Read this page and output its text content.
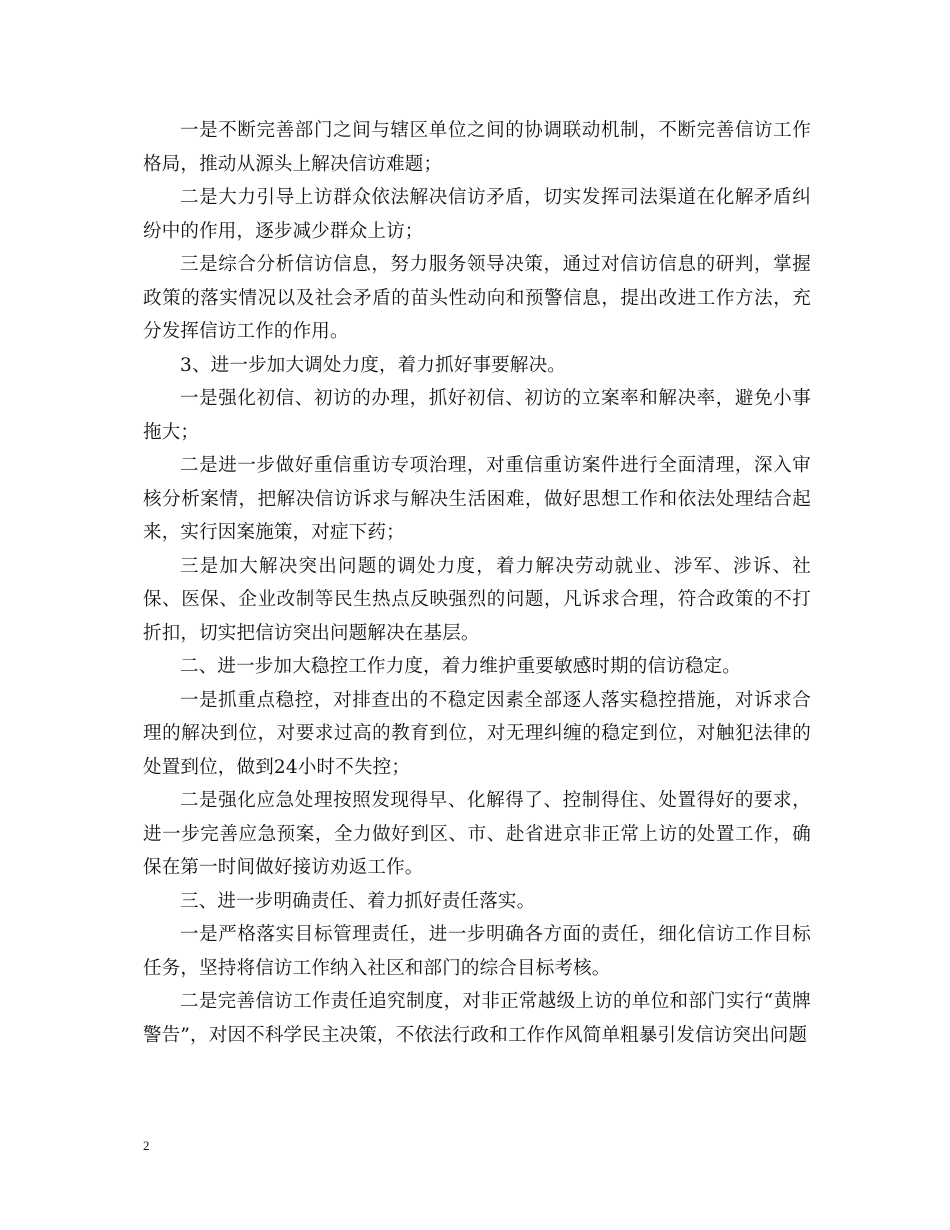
一是不断完善部门之间与辖区单位之间的协调联动机制，不断完善信访工作格局，推动从源头上解决信访难题；

二是大力引导上访群众依法解决信访矛盾，切实发挥司法渠道在化解矛盾纠纷中的作用，逐步减少群众上访；

三是综合分析信访信息，努力服务领导决策，通过对信访信息的研判，掌握政策的落实情况以及社会矛盾的苗头性动向和预警信息，提出改进工作方法，充分发挥信访工作的作用。

3、进一步加大调处力度，着力抓好事要解决。

一是强化初信、初访的办理，抓好初信、初访的立案率和解决率，避免小事拖大；

二是进一步做好重信重访专项治理，对重信重访案件进行全面清理，深入审核分析案情，把解决信访诉求与解决生活困难，做好思想工作和依法处理结合起来，实行因案施策，对症下药；

三是加大解决突出问题的调处力度，着力解决劳动就业、涉军、涉诉、社保、医保、企业改制等民生热点反映强烈的问题，凡诉求合理，符合政策的不打折扣，切实把信访突出问题解决在基层。

二、进一步加大稳控工作力度，着力维护重要敏感时期的信访稳定。

一是抓重点稳控，对排查出的不稳定因素全部逐人落实稳控措施，对诉求合理的解决到位，对要求过高的教育到位，对无理纠缠的稳定到位，对触犯法律的处置到位，做到24小时不失控；

二是强化应急处理按照发现得早、化解得了、控制得住、处置得好的要求，进一步完善应急预案，全力做好到区、市、赴省进京非正常上访的处置工作，确保在第一时间做好接访劝返工作。

三、进一步明确责任、着力抓好责任落实。

一是严格落实目标管理责任，进一步明确各方面的责任，细化信访工作目标任务，坚持将信访工作纳入社区和部门的综合目标考核。

二是完善信访工作责任追究制度，对非正常越级上访的单位和部门实行“黄牌警告”，对因不科学民主决策，不依法行政和工作作风简单粗暴引发信访突出问题

2
